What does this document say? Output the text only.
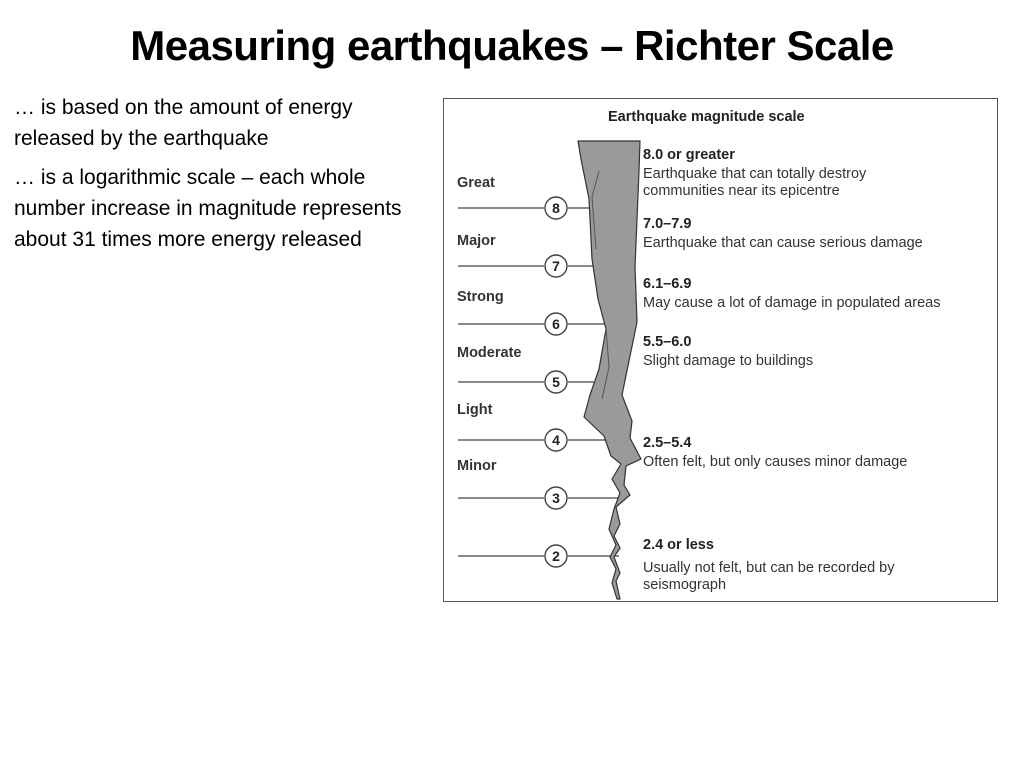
Measuring earthquakes – Richter Scale

… is based on the amount of energy released by the earthquake

… is a logarithmic scale – each whole number increase in magnitude represents about 31 times more energy released

Earthquake magnitude scale
Great
Major
Strong
Moderate
Light
Minor
8
7
6
5
4
3
2
8.0 or greater
Earthquake that can totally destroy communities near its epicentre
7.0–7.9
Earthquake that can cause serious damage
6.1–6.9
May cause a lot of damage in populated areas
5.5–6.0
Slight damage to buildings
2.5–5.4
Often felt, but only causes minor damage
2.4 or less
Usually not felt, but can be recorded by seismograph
